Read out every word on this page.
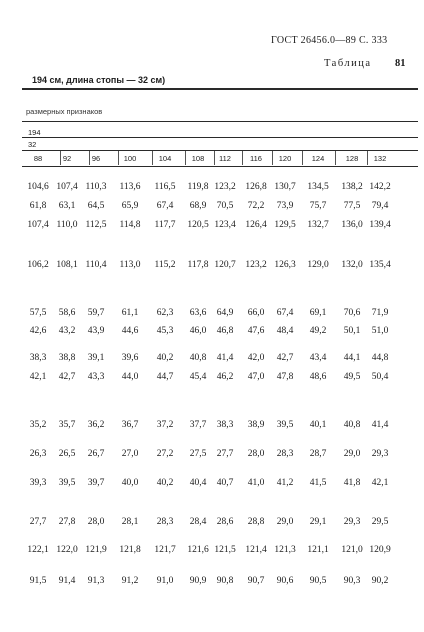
ГОСТ 26456.0—89 С. 333
Таблица 81
194 см, длина стопы — 32 см)
размерных признаков
194
32
88	92	96	100	104	108 112	116 120	124	128 132
104,6 107,4 110,3 113,6 116,5 119,8 123,2 126,8 130,7 134,5 138,2 142,2
61,8 63,1 64,5 65,9 67,4 68,9 70,5 72,2 73,9 75,7 77,5 79,4
107,4 110,0 112,5 114,8 117,7 120,5 123,4 126,4 129,5 132,7 136,0 139,4
106,2 108,1 110,4 113,0 115,2 117,8 120,7 123,2 126,3 129,0 132,0 135,4
57,5 58,6 59,7 61,1 62,3 63,6 64,9 66,0 67,4 69,1 70,6 71,9
42,6 43,2 43,9 44,6 45,3 46,0 46,8 47,6 48,4 49,2 50,1 51,0
38,3 38,8 39,1 39,6 40,2 40,8 41,4 42,0 42,7 43,4 44,1 44,8
42,1 42,7 43,3 44,0 44,7 45,4 46,2 47,0 47,8 48,6 49,5 50,4
35,2 35,7 36,2 36,7 37,2 37,7 38,3 38,9 39,5 40,1 40,8 41,4
26,3 26,5 26,7 27,0 27,2 27,5 27,7 28,0 28,3 28,7 29,0 29,3
39,3 39,5 39,7 40,0 40,2 40,4 40,7 41,0 41,2 41,5 41,8 42,1
27,7 27,8 28,0 28,1 28,3 28,4 28,6 28,8 29,0 29,1 29,3 29,5
122,1 122,0 121,9 121,8 121,7 121,6 121,5 121,4 121,3 121,1 121,0 120,9
91,5 91,4 91,3 91,2 91,0 90,9 90,8 90,7 90,6 90,5 90,3 90,2
